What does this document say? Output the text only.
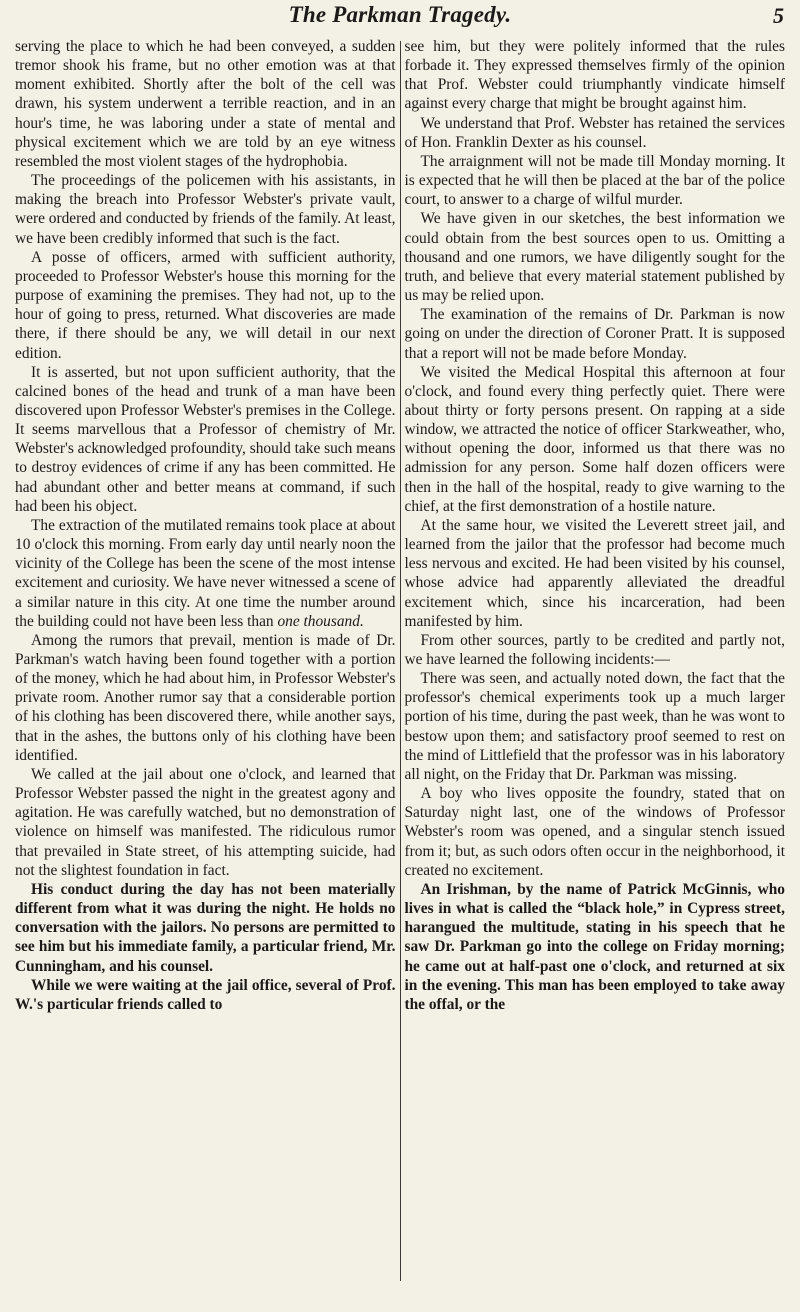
The Parkman Tragedy.	5

serving the place to which he had been conveyed, a sudden tremor shook his frame, but no other emotion was at that moment exhibited. Shortly after the bolt of the cell was drawn, his system underwent a terrible reaction, and in an hour's time, he was laboring under a state of mental and physical excitement which we are told by an eye witness resembled the most violent stages of the hydrophobia.

The proceedings of the policemen with his assistants, in making the breach into Professor Webster's private vault, were ordered and conducted by friends of the family. At least, we have been credibly informed that such is the fact.

A posse of officers, armed with sufficient authority, proceeded to Professor Webster's house this morning for the purpose of examining the premises. They had not, up to the hour of going to press, returned. What discoveries are made there, if there should be any, we will detail in our next edition.

It is asserted, but not upon sufficient authority, that the calcined bones of the head and trunk of a man have been discovered upon Professor Webster's premises in the College. It seems marvellous that a Professor of chemistry of Mr. Webster's acknowledged profoundity, should take such means to destroy evidences of crime if any has been committed. He had abundant other and better means at command, if such had been his object.

The extraction of the mutilated remains took place at about 10 o'clock this morning. From early day until nearly noon the vicinity of the College has been the scene of the most intense excitement and curiosity. We have never witnessed a scene of a similar nature in this city. At one time the number around the building could not have been less than one thousand.

Among the rumors that prevail, mention is made of Dr. Parkman's watch having been found together with a portion of the money, which he had about him, in Professor Webster's private room. Another rumor say that a considerable portion of his clothing has been discovered there, while another says, that in the ashes, the buttons only of his clothing have been identified.

We called at the jail about one o'clock, and learned that Professor Webster passed the night in the greatest agony and agitation. He was carefully watched, but no demonstration of violence on himself was manifested. The ridiculous rumor that prevailed in State street, of his attempting suicide, had not the slightest foundation in fact.

His conduct during the day has not been materially different from what it was during the night. He holds no conversation with the jailors. No persons are permitted to see him but his immediate family, a particular friend, Mr. Cunningham, and his counsel.

While we were waiting at the jail office, several of Prof. W.'s particular friends called to

see him, but they were politely informed that the rules forbade it. They expressed themselves firmly of the opinion that Prof. Webster could triumphantly vindicate himself against every charge that might be brought against him.

We understand that Prof. Webster has retained the services of Hon. Franklin Dexter as his counsel.

The arraignment will not be made till Monday morning. It is expected that he will then be placed at the bar of the police court, to answer to a charge of wilful murder.

We have given in our sketches, the best information we could obtain from the best sources open to us. Omitting a thousand and one rumors, we have diligently sought for the truth, and believe that every material statement published by us may be relied upon.

The examination of the remains of Dr. Parkman is now going on under the direction of Coroner Pratt. It is supposed that a report will not be made before Monday.

We visited the Medical Hospital this afternoon at four o'clock, and found every thing perfectly quiet. There were about thirty or forty persons present. On rapping at a side window, we attracted the notice of officer Starkweather, who, without opening the door, informed us that there was no admission for any person. Some half dozen officers were then in the hall of the hospital, ready to give warning to the chief, at the first demonstration of a hostile nature.

At the same hour, we visited the Leverett street jail, and learned from the jailor that the professor had become much less nervous and excited. He had been visited by his counsel, whose advice had apparently alleviated the dreadful excitement which, since his incarceration, had been manifested by him.

From other sources, partly to be credited and partly not, we have learned the following incidents:—

There was seen, and actually noted down, the fact that the professor's chemical experiments took up a much larger portion of his time, during the past week, than he was wont to bestow upon them; and satisfactory proof seemed to rest on the mind of Littlefield that the professor was in his laboratory all night, on the Friday that Dr. Parkman was missing.

A boy who lives opposite the foundry, stated that on Saturday night last, one of the windows of Professor Webster's room was opened, and a singular stench issued from it; but, as such odors often occur in the neighborhood, it created no excitement.

An Irishman, by the name of Patrick McGinnis, who lives in what is called the “black hole,” in Cypress street, harangued the multitude, stating in his speech that he saw Dr. Parkman go into the college on Friday morning; he came out at half-past one o'clock, and returned at six in the evening. This man has been employed to take away the offal, or the
